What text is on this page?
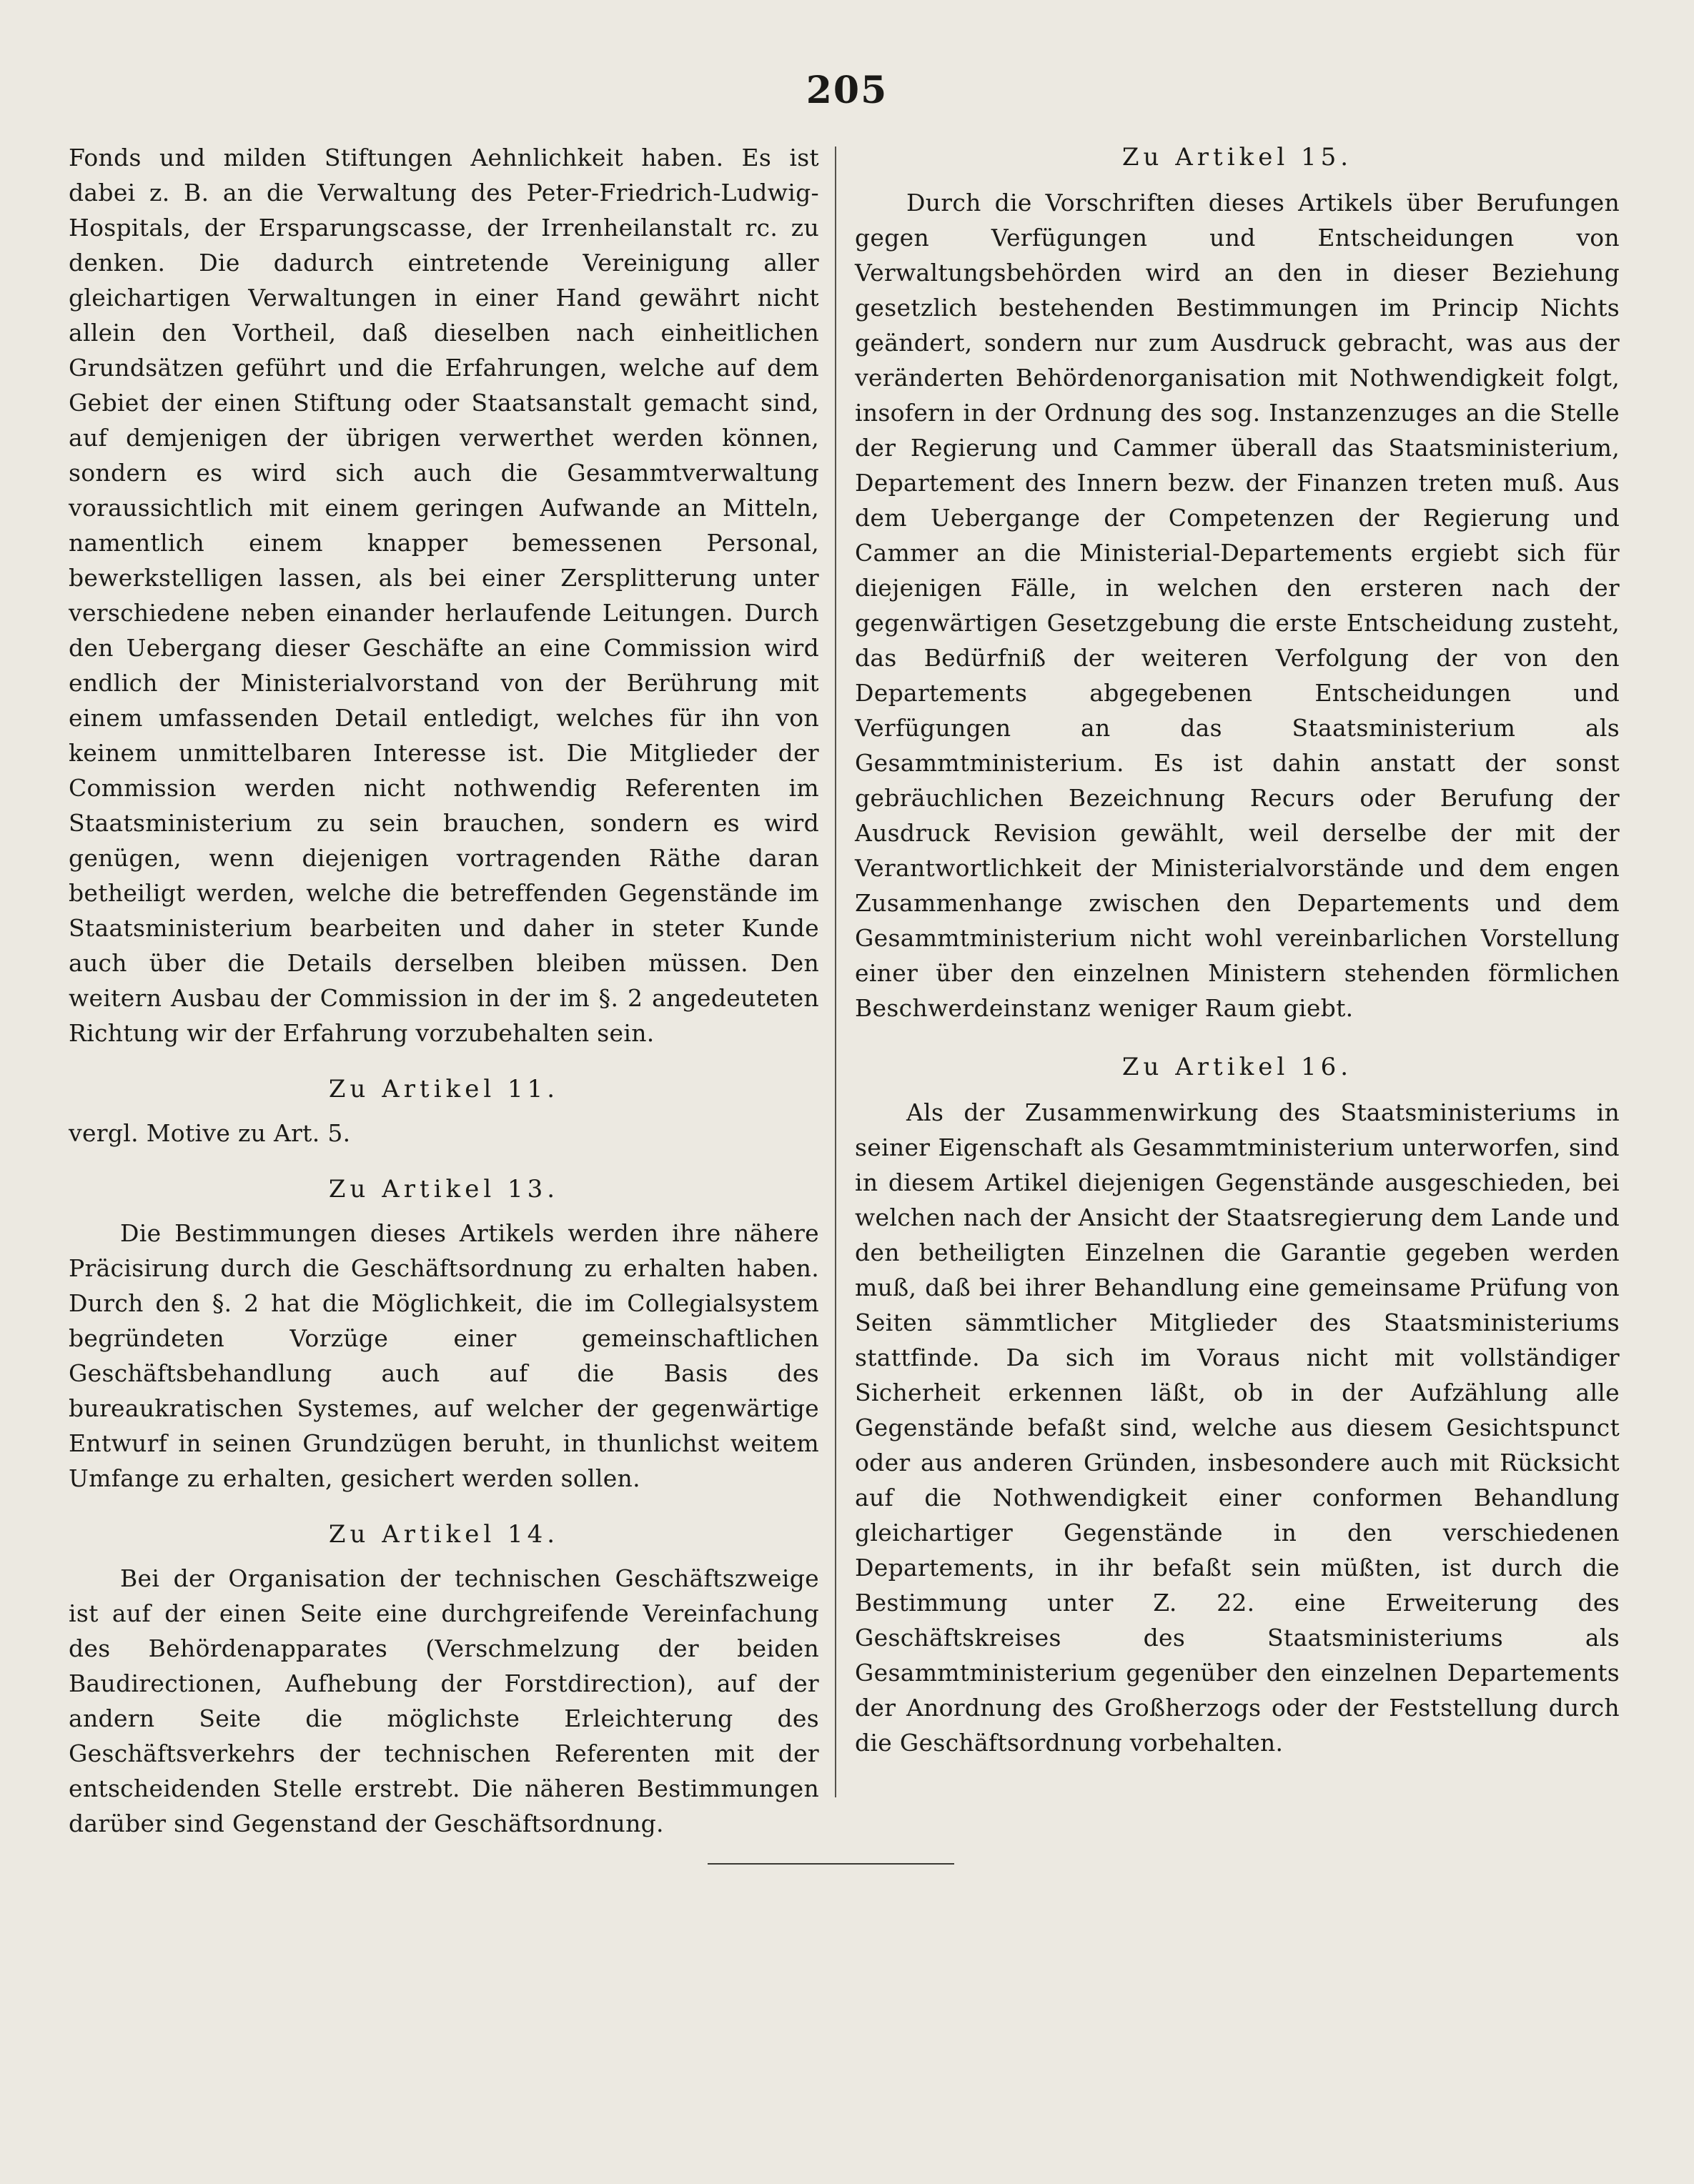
205

Fonds und milden Stiftungen Aehnlichkeit haben. Es ist dabei z. B. an die Verwaltung des Peter-Friedrich-Ludwig-Hospitals, der Ersparungscasse, der Irrenheilanstalt rc. zu denken. Die dadurch eintretende Vereinigung aller gleichartigen Verwaltungen in einer Hand gewährt nicht allein den Vortheil, daß dieselben nach einheitlichen Grundsätzen geführt und die Erfahrungen, welche auf dem Gebiet der einen Stiftung oder Staatsanstalt gemacht sind, auf demjenigen der übrigen verwerthet werden können, sondern es wird sich auch die Gesammtverwaltung voraussichtlich mit einem geringen Aufwande an Mitteln, namentlich einem knapper bemessenen Personal, bewerkstelligen lassen, als bei einer Zersplitterung unter verschiedene neben einander herlaufende Leitungen. Durch den Uebergang dieser Geschäfte an eine Commission wird endlich der Ministerialvorstand von der Berührung mit einem umfassenden Detail entledigt, welches für ihn von keinem unmittelbaren Interesse ist. Die Mitglieder der Commission werden nicht nothwendig Referenten im Staatsministerium zu sein brauchen, sondern es wird genügen, wenn diejenigen vortragenden Räthe daran betheiligt werden, welche die betreffenden Gegenstände im Staatsministerium bearbeiten und daher in steter Kunde auch über die Details derselben bleiben müssen. Den weitern Ausbau der Commission in der im §. 2 angedeuteten Richtung wir der Erfahrung vorzubehalten sein.

Zu Artikel 11.

vergl. Motive zu Art. 5.

Zu Artikel 13.

Die Bestimmungen dieses Artikels werden ihre nähere Präcisirung durch die Geschäftsordnung zu erhalten haben. Durch den §. 2 hat die Möglichkeit, die im Collegialsystem begründeten Vorzüge einer gemeinschaftlichen Geschäftsbehandlung auch auf die Basis des bureaukratischen Systemes, auf welcher der gegenwärtige Entwurf in seinen Grundzügen beruht, in thunlichst weitem Umfange zu erhalten, gesichert werden sollen.

Zu Artikel 14.

Bei der Organisation der technischen Geschäftszweige ist auf der einen Seite eine durchgreifende Vereinfachung des Behördenapparates (Verschmelzung der beiden Baudirectionen, Aufhebung der Forstdirection), auf der andern Seite die möglichste Erleichterung des Geschäftsverkehrs der technischen Referenten mit der entscheidenden Stelle erstrebt. Die näheren Bestimmungen darüber sind Gegenstand der Geschäftsordnung.

Zu Artikel 15.

Durch die Vorschriften dieses Artikels über Berufungen gegen Verfügungen und Entscheidungen von Verwaltungsbehörden wird an den in dieser Beziehung gesetzlich bestehenden Bestimmungen im Princip Nichts geändert, sondern nur zum Ausdruck gebracht, was aus der veränderten Behördenorganisation mit Nothwendigkeit folgt, insofern in der Ordnung des sog. Instanzenzuges an die Stelle der Regierung und Cammer überall das Staatsministerium, Departement des Innern bezw. der Finanzen treten muß. Aus dem Uebergange der Competenzen der Regierung und Cammer an die Ministerial-Departements ergiebt sich für diejenigen Fälle, in welchen den ersteren nach der gegenwärtigen Gesetzgebung die erste Entscheidung zusteht, das Bedürfniß der weiteren Verfolgung der von den Departements abgegebenen Entscheidungen und Verfügungen an das Staatsministerium als Gesammtministerium. Es ist dahin anstatt der sonst gebräuchlichen Bezeichnung Recurs oder Berufung der Ausdruck Revision gewählt, weil derselbe der mit der Verantwortlichkeit der Ministerialvorstände und dem engen Zusammenhange zwischen den Departements und dem Gesammtministerium nicht wohl vereinbarlichen Vorstellung einer über den einzelnen Ministern stehenden förmlichen Beschwerdeinstanz weniger Raum giebt.

Zu Artikel 16.

Als der Zusammenwirkung des Staatsministeriums in seiner Eigenschaft als Gesammtministerium unterworfen, sind in diesem Artikel diejenigen Gegenstände ausgeschieden, bei welchen nach der Ansicht der Staatsregierung dem Lande und den betheiligten Einzelnen die Garantie gegeben werden muß, daß bei ihrer Behandlung eine gemeinsame Prüfung von Seiten sämmtlicher Mitglieder des Staatsministeriums stattfinde. Da sich im Voraus nicht mit vollständiger Sicherheit erkennen läßt, ob in der Aufzählung alle Gegenstände befaßt sind, welche aus diesem Gesichtspunct oder aus anderen Gründen, insbesondere auch mit Rücksicht auf die Nothwendigkeit einer conformen Behandlung gleichartiger Gegenstände in den verschiedenen Departements, in ihr befaßt sein müßten, ist durch die Bestimmung unter Z. 22. eine Erweiterung des Geschäftskreises des Staatsministeriums als Gesammtministerium gegenüber den einzelnen Departements der Anordnung des Großherzogs oder der Feststellung durch die Geschäftsordnung vorbehalten.
